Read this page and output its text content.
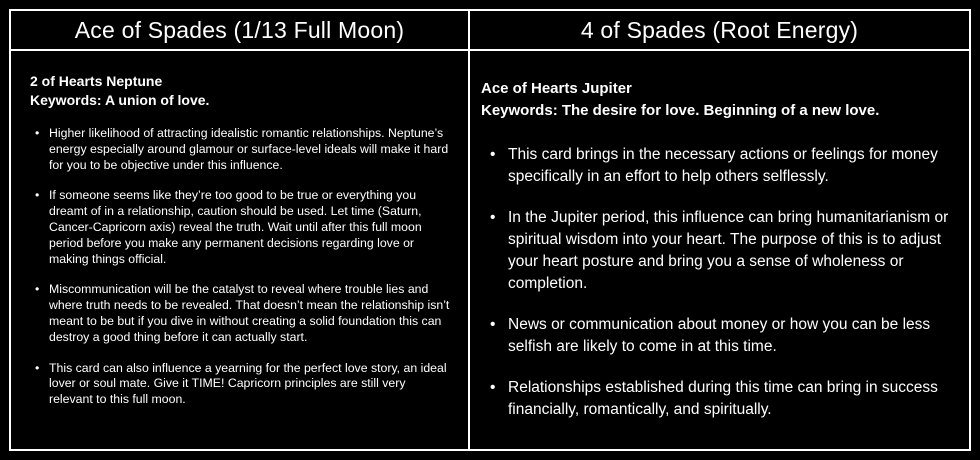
Ace of Spades (1/13 Full Moon)	4 of Spades (Root Energy)
2 of Hearts Neptune
Keywords: A union of love.
• Higher likelihood of attracting idealistic romantic relationships. Neptune’s energy especially around glamour or surface-level ideals will make it hard for you to be objective under this influence.
• If someone seems like they’re too good to be true or everything you dreamt of in a relationship, caution should be used. Let time (Saturn, Cancer-Capricorn axis) reveal the truth. Wait until after this full moon period before you make any permanent decisions regarding love or making things official.
• Miscommunication will be the catalyst to reveal where trouble lies and where truth needs to be revealed. That doesn’t mean the relationship isn’t meant to be but if you dive in without creating a solid foundation this can destroy a good thing before it can actually start.
• This card can also influence a yearning for the perfect love story, an ideal lover or soul mate. Give it TIME! Capricorn principles are still very relevant to this full moon.
Ace of Hearts Jupiter
Keywords: The desire for love. Beginning of a new love.
• This card brings in the necessary actions or feelings for money specifically in an effort to help others selflessly.
• In the Jupiter period, this influence can bring humanitarianism or spiritual wisdom into your heart. The purpose of this is to adjust your heart posture and bring you a sense of wholeness or completion.
• News or communication about money or how you can be less selfish are likely to come in at this time.
• Relationships established during this time can bring in success financially, romantically, and spiritually.
